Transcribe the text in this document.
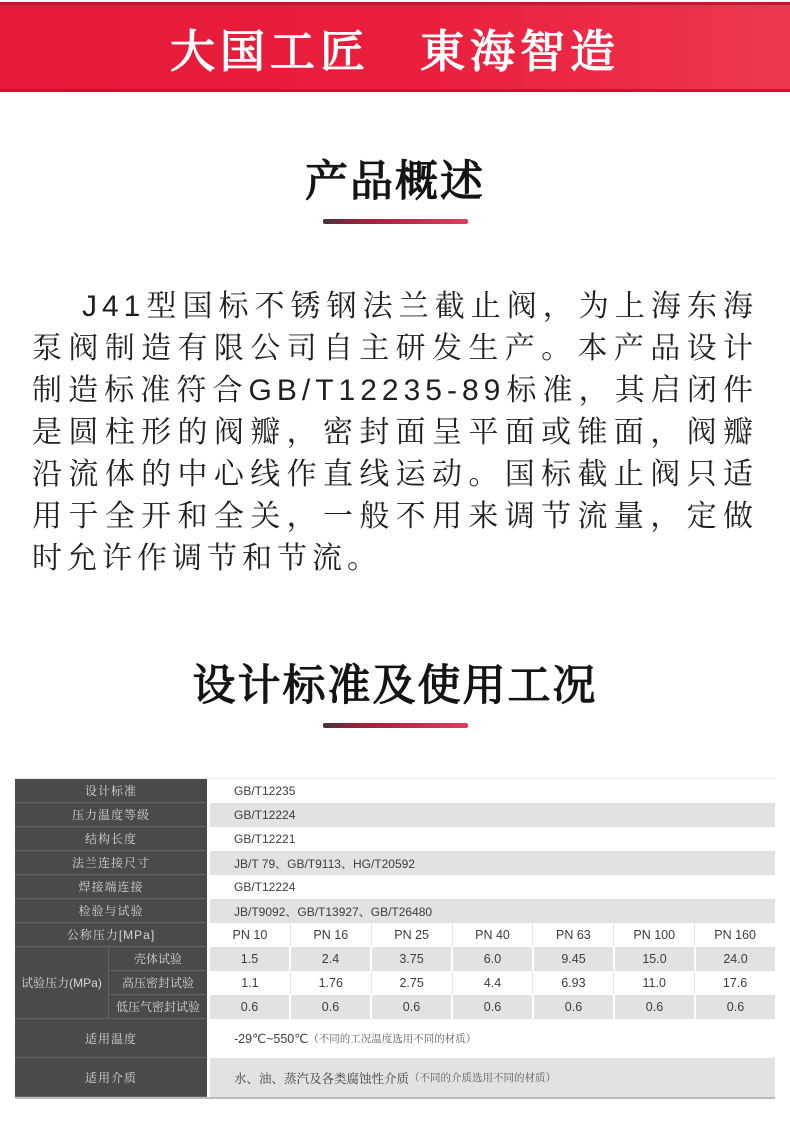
大国工匠　東海智造
产品概述

J41型国标不锈钢法兰截止阀，为上海东海泵阀制造有限公司自主研发生产。本产品设计制造标准符合GB/T12235-89标准，其启闭件是圆柱形的阀瓣，密封面呈平面或锥面，阀瓣沿流体的中心线作直线运动。国标截止阀只适用于全开和全关，一般不用来调节流量，定做时允许作调节和节流。

设计标准及使用工况
设计标准	GB/T12235
压力温度等级	GB/T12224
结构长度	GB/T12221
法兰连接尺寸	JB/T 79、GB/T9113、HG/T20592
焊接端连接	GB/T12224
检验与试验	JB/T9092、GB/T13927、GB/T26480
公称压力[MPa]	PN 10	PN 16	PN 25	PN 40	PN 63	PN 100	PN 160
试验压力(MPa)
壳体试验	1.5	2.4	3.75	6.0	9.45	15.0	24.0
高压密封试验	1.1	1.76	2.75	4.4	6.93	11.0	17.6
低压气密封试验	0.6	0.6	0.6	0.6	0.6	0.6	0.6
适用温度	-29℃~550℃ （不同的工况温度选用不同的材质）
适用介质	水、油、蒸汽及各类腐蚀性介质 （不同的介质选用不同的材质）
